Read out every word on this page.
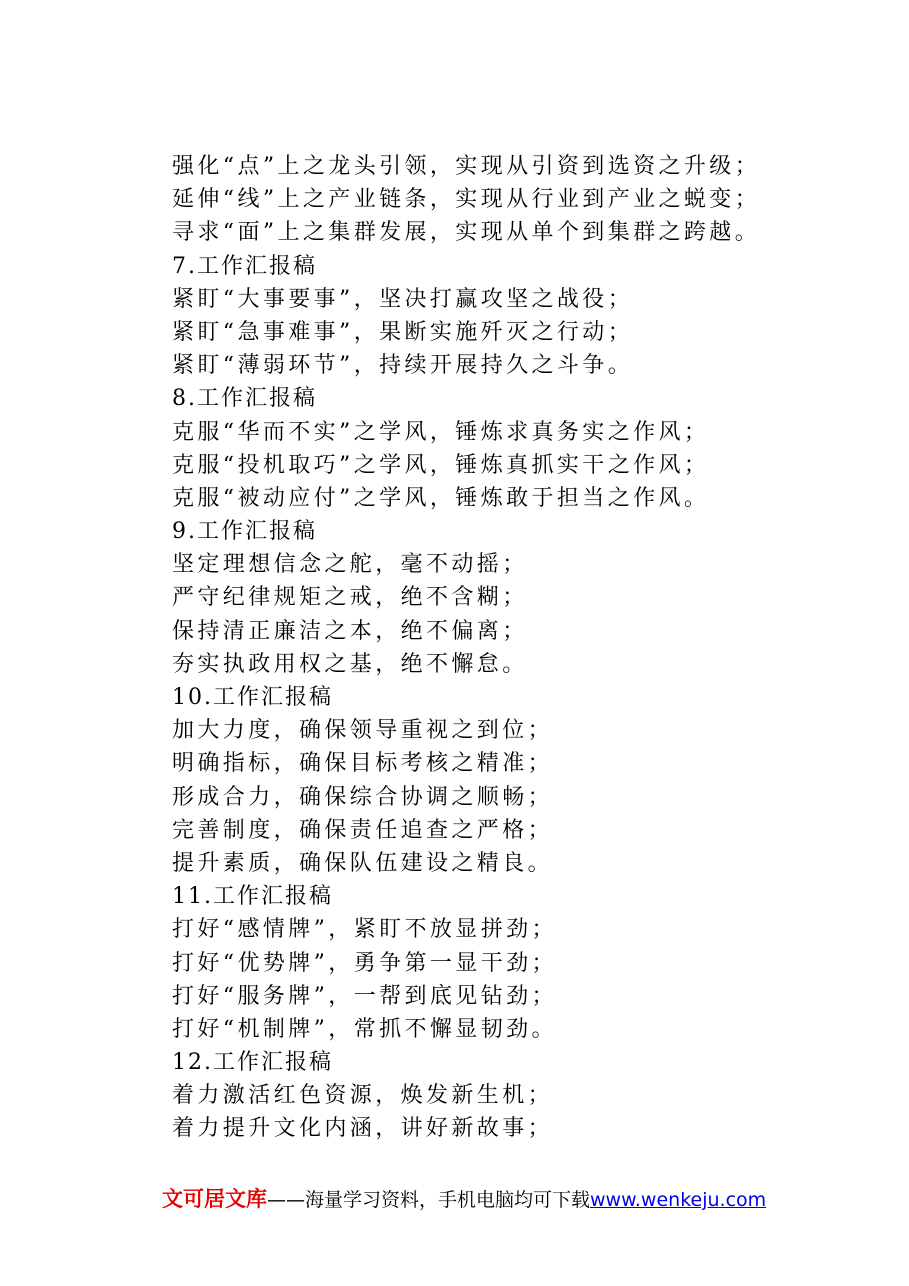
强化“点”上之龙头引领，实现从引资到选资之升级；
延伸“线”上之产业链条，实现从行业到产业之蜕变；
寻求“面”上之集群发展，实现从单个到集群之跨越。
7.工作汇报稿
紧盯“大事要事”，坚决打赢攻坚之战役；
紧盯“急事难事”，果断实施歼灭之行动；
紧盯“薄弱环节”，持续开展持久之斗争。
8.工作汇报稿
克服“华而不实”之学风，锤炼求真务实之作风；
克服“投机取巧”之学风，锤炼真抓实干之作风；
克服“被动应付”之学风，锤炼敢于担当之作风。
9.工作汇报稿
坚定理想信念之舵，毫不动摇；
严守纪律规矩之戒，绝不含糊；
保持清正廉洁之本，绝不偏离；
夯实执政用权之基，绝不懈怠。
10.工作汇报稿
加大力度，确保领导重视之到位；
明确指标，确保目标考核之精准；
形成合力，确保综合协调之顺畅；
完善制度，确保责任追查之严格；
提升素质，确保队伍建设之精良。
11.工作汇报稿
打好“感情牌”，紧盯不放显拼劲；
打好“优势牌”，勇争第一显干劲；
打好“服务牌”，一帮到底见钻劲；
打好“机制牌”，常抓不懈显韧劲。
12.工作汇报稿
着力激活红色资源，焕发新生机；
着力提升文化内涵，讲好新故事；
文可居文库——海量学习资料，手机电脑均可下载www.wenkeju.com
